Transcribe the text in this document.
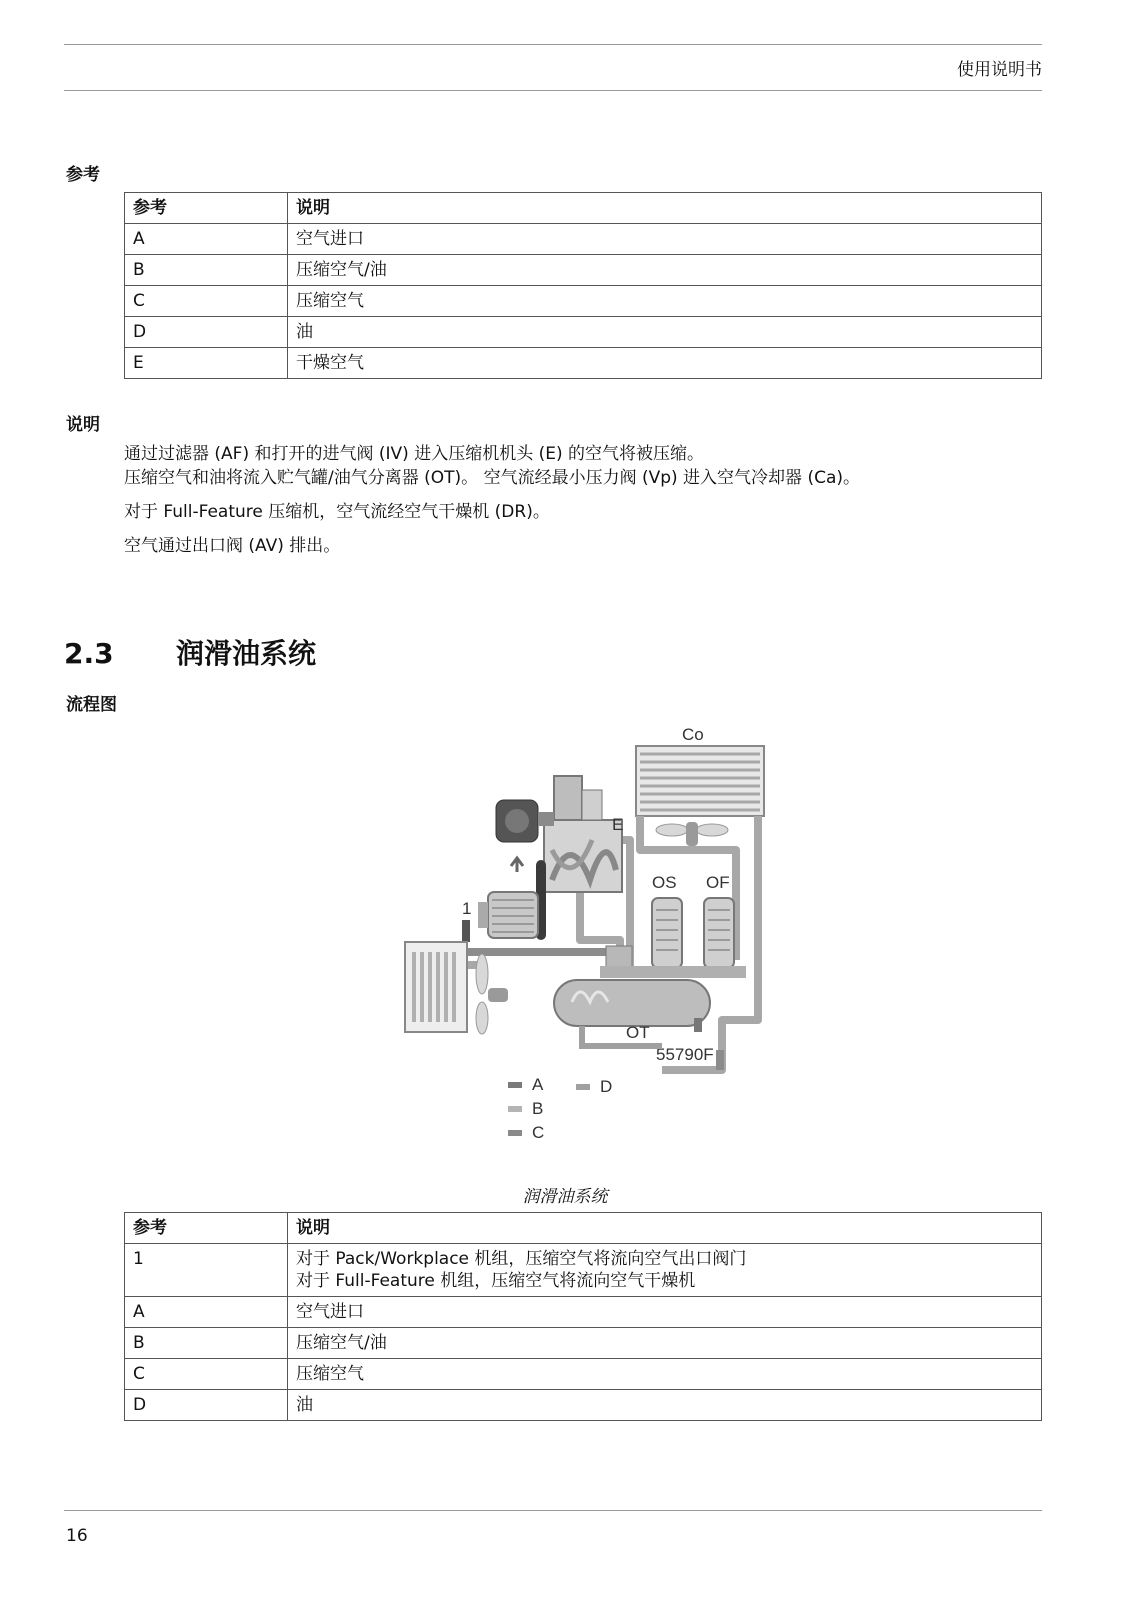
使用说明书
参考
参考	说明
A	空气进口
B	压缩空气/油
C	压缩空气
D	油
E	干燥空气
说明

通过过滤器 (AF) 和打开的进气阀 (IV) 进入压缩机机头 (E) 的空气将被压缩。

压缩空气和油将流入贮气罐/油气分离器 (OT)。 空气流经最小压力阀 (Vp) 进入空气冷却器 (Ca)。

对于 Full-Feature 压缩机，空气流经空气干燥机 (DR)。

空气通过出口阀 (AV) 排出。

2.3 润滑油系统
流程图
Co
E
1
OS OF
OT
55790F
A	D
B
C
润滑油系统
参考	说明
1	对于 Pack/Workplace 机组，压缩空气将流向空气出口阀门
对于 Full-Feature 机组，压缩空气将流向空气干燥机

A	空气进口
B	压缩空气/油
C	压缩空气
D	油
16
